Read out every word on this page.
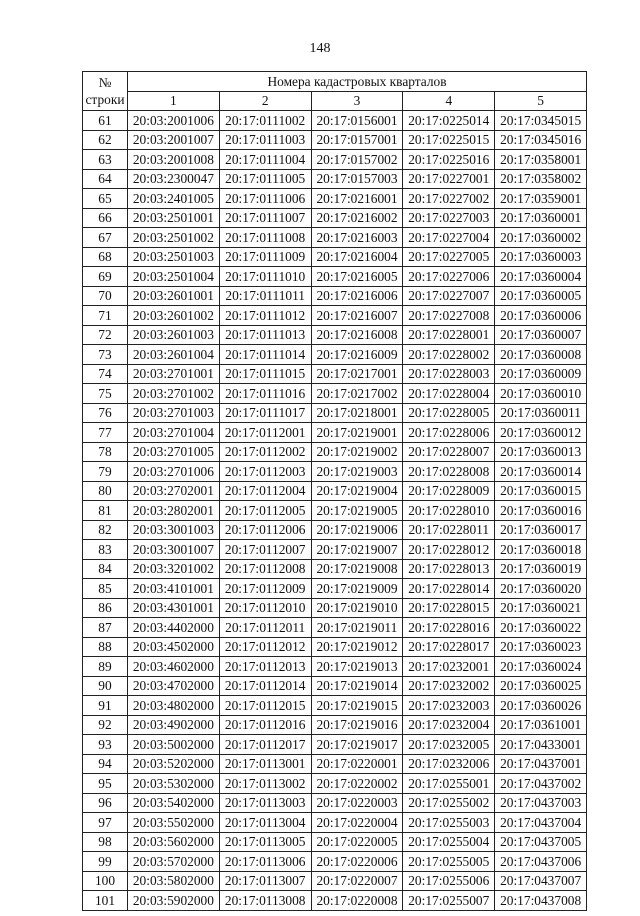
148
№
строки	Номера кадастровых кварталов				
	1	2	3	4	5
61	20:03:2001006	20:17:0111002	20:17:0156001	20:17:0225014	20:17:0345015
62	20:03:2001007	20:17:0111003	20:17:0157001	20:17:0225015	20:17:0345016
63	20:03:2001008	20:17:0111004	20:17:0157002	20:17:0225016	20:17:0358001
64	20:03:2300047	20:17:0111005	20:17:0157003	20:17:0227001	20:17:0358002
65	20:03:2401005	20:17:0111006	20:17:0216001	20:17:0227002	20:17:0359001
66	20:03:2501001	20:17:0111007	20:17:0216002	20:17:0227003	20:17:0360001
67	20:03:2501002	20:17:0111008	20:17:0216003	20:17:0227004	20:17:0360002
68	20:03:2501003	20:17:0111009	20:17:0216004	20:17:0227005	20:17:0360003
69	20:03:2501004	20:17:0111010	20:17:0216005	20:17:0227006	20:17:0360004
70	20:03:2601001	20:17:0111011	20:17:0216006	20:17:0227007	20:17:0360005
71	20:03:2601002	20:17:0111012	20:17:0216007	20:17:0227008	20:17:0360006
72	20:03:2601003	20:17:0111013	20:17:0216008	20:17:0228001	20:17:0360007
73	20:03:2601004	20:17:0111014	20:17:0216009	20:17:0228002	20:17:0360008
74	20:03:2701001	20:17:0111015	20:17:0217001	20:17:0228003	20:17:0360009
75	20:03:2701002	20:17:0111016	20:17:0217002	20:17:0228004	20:17:0360010
76	20:03:2701003	20:17:0111017	20:17:0218001	20:17:0228005	20:17:0360011
77	20:03:2701004	20:17:0112001	20:17:0219001	20:17:0228006	20:17:0360012
78	20:03:2701005	20:17:0112002	20:17:0219002	20:17:0228007	20:17:0360013
79	20:03:2701006	20:17:0112003	20:17:0219003	20:17:0228008	20:17:0360014
80	20:03:2702001	20:17:0112004	20:17:0219004	20:17:0228009	20:17:0360015
81	20:03:2802001	20:17:0112005	20:17:0219005	20:17:0228010	20:17:0360016
82	20:03:3001003	20:17:0112006	20:17:0219006	20:17:0228011	20:17:0360017
83	20:03:3001007	20:17:0112007	20:17:0219007	20:17:0228012	20:17:0360018
84	20:03:3201002	20:17:0112008	20:17:0219008	20:17:0228013	20:17:0360019
85	20:03:4101001	20:17:0112009	20:17:0219009	20:17:0228014	20:17:0360020
86	20:03:4301001	20:17:0112010	20:17:0219010	20:17:0228015	20:17:0360021
87	20:03:4402000	20:17:0112011	20:17:0219011	20:17:0228016	20:17:0360022
88	20:03:4502000	20:17:0112012	20:17:0219012	20:17:0228017	20:17:0360023
89	20:03:4602000	20:17:0112013	20:17:0219013	20:17:0232001	20:17:0360024
90	20:03:4702000	20:17:0112014	20:17:0219014	20:17:0232002	20:17:0360025
91	20:03:4802000	20:17:0112015	20:17:0219015	20:17:0232003	20:17:0360026
92	20:03:4902000	20:17:0112016	20:17:0219016	20:17:0232004	20:17:0361001
93	20:03:5002000	20:17:0112017	20:17:0219017	20:17:0232005	20:17:0433001
94	20:03:5202000	20:17:0113001	20:17:0220001	20:17:0232006	20:17:0437001
95	20:03:5302000	20:17:0113002	20:17:0220002	20:17:0255001	20:17:0437002
96	20:03:5402000	20:17:0113003	20:17:0220003	20:17:0255002	20:17:0437003
97	20:03:5502000	20:17:0113004	20:17:0220004	20:17:0255003	20:17:0437004
98	20:03:5602000	20:17:0113005	20:17:0220005	20:17:0255004	20:17:0437005
99	20:03:5702000	20:17:0113006	20:17:0220006	20:17:0255005	20:17:0437006
100	20:03:5802000	20:17:0113007	20:17:0220007	20:17:0255006	20:17:0437007
101	20:03:5902000	20:17:0113008	20:17:0220008	20:17:0255007	20:17:0437008
